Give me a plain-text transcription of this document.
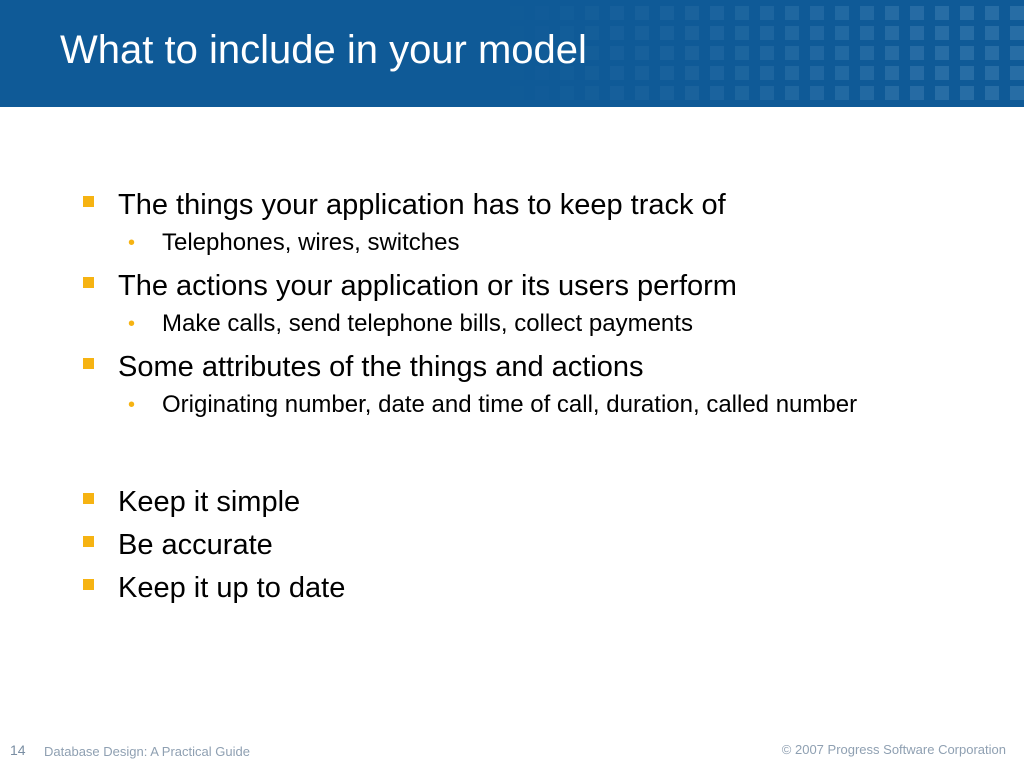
What to include in your model
The things your application has to keep track of
• Telephones, wires, switches
The actions your application or its users perform
• Make calls, send telephone bills, collect payments
Some attributes of the things and actions
• Originating number, date and time of call, duration, called number
Keep it simple
Be accurate
Keep it up to date
14 Database Design: A Practical Guide	© 2007 Progress Software Corporation
